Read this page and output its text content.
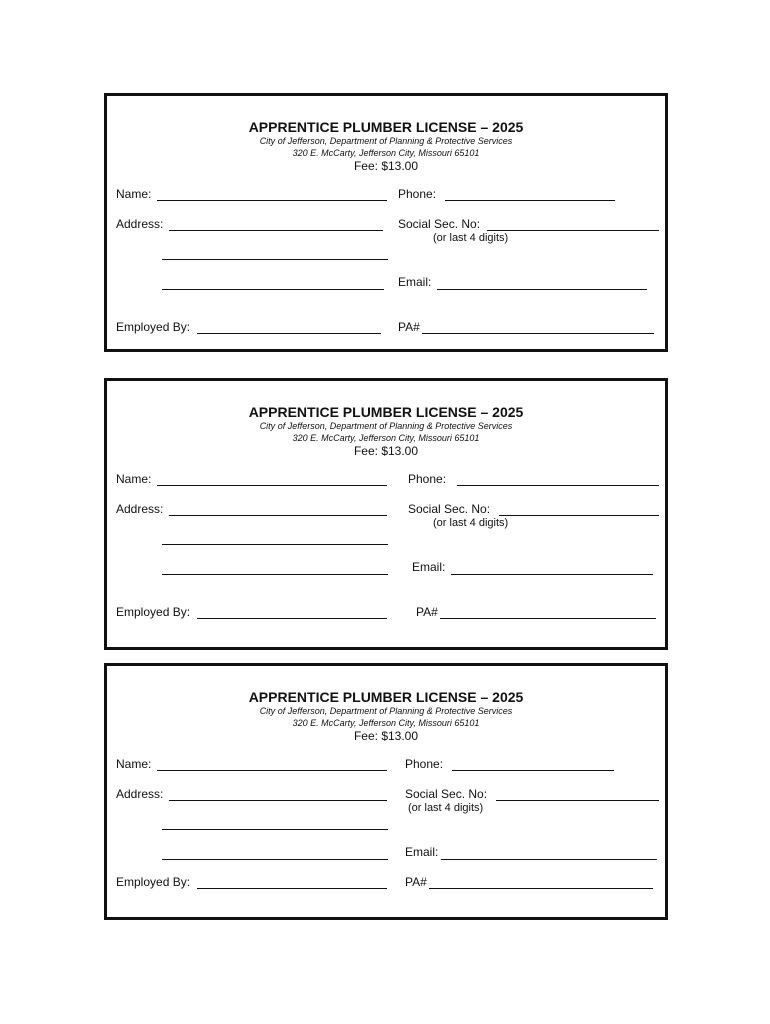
APPRENTICE PLUMBER LICENSE – 2025
City of Jefferson, Department of Planning & Protective Services
320 E. McCarty, Jefferson City, Missouri 65101
Fee: $13.00
Name:	Phone:
Address:	Social Sec. No:
(or last 4 digits)
Email:
Employed By:	PA#
APPRENTICE PLUMBER LICENSE – 2025
City of Jefferson, Department of Planning & Protective Services
320 E. McCarty, Jefferson City, Missouri 65101
Fee: $13.00
Name:	Phone:
Address:	Social Sec. No:
(or last 4 digits)
Email:
Employed By:	PA#
APPRENTICE PLUMBER LICENSE – 2025
City of Jefferson, Department of Planning & Protective Services
320 E. McCarty, Jefferson City, Missouri 65101
Fee: $13.00
Name:	Phone:
Address:	Social Sec. No:
(or last 4 digits)
Email:
Employed By:	PA#
